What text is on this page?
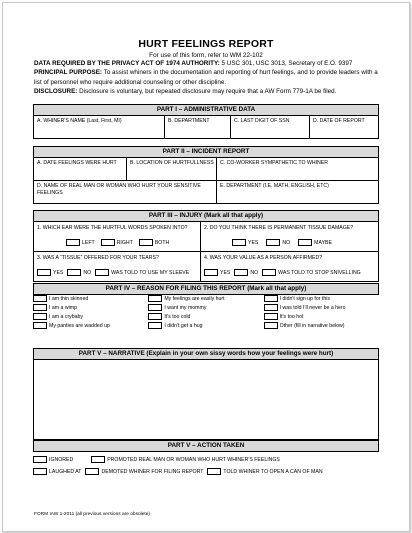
HURT FEELINGS REPORT
For use of this form, refer to WM 22-102
DATA REQUIRED BY THE PRIVACY ACT OF 1974 AUTHORITY: 5 USC 301, USC 3013, Secretary of E.O. 9397
PRINCIPAL PURPOSE: To assist whiners in the documentation and reporting of hurt feelings, and to provide leaders with a list of personnel who require additional counseling or other discipline.
DISCLOSURE: Disclosure is voluntary, but repeated disclosure may require that a AW Form 779-1A be filed.
PART I – ADMINISTRATIVE DATA
A. WHINER'S NAME (Last, First, MI)	B. DEPARTMENT	C. LAST DIGIT OF SSN	D. DATE OF REPORT
PART II – INCIDENT REPORT
A. DATE FEELINGS WERE HURT	B. LOCATION OF HURTFULLNESS	C. CO-WORKER SYMPATHETIC TO WHINER
D. NAME OF REAL MAN OR WOMAN WHO HURT YOUR SENSITIVE FEELINGS
E. DEPARTMENT (I.E. MATH, ENGLISH, ETC)
PART III – INJURY (Mark all that apply)
1. WHICH EAR WERE THE HURTFUL WORDS SPOKEN INTO?
LEFT	RIGHT	BOTH
2. DO YOU THINK THERE IS PERMANENT TISSUE DAMAGE?
YES	NO	MAYBE
3. WAS A “TISSUE” OFFERED FOR YOUR TEARS?
YES	NO	WAS TOLD TO USE MY SLEEVE
4. WAS YOUR VALUE AS A PERSON AFFIRMED?
YES	NO	WAS TOLD TO STOP SNIVELLING
PART IV – REASON FOR FILING THIS REPORT (Mark all that apply)
I am thin skinned	My feelings are easily hurt	I didn't sign up for this
I am a wimp	I want my mommy	I was told I'll never be a hero
I am a crybaby	It's too cold	It's too hot
My panties are wadded up	I didn't get a hug	Other (fill in narrative below)
PART V – NARRATIVE (Explain in your own sissy words how your feelings were hurt)
PART V – ACTION TAKEN
IGNORED	PROMOTED REAL MAN OR WOMAN WHO HURT WHINER'S FEELINGS
LAUGHED AT	DEMOTED WHINER FOR FILING REPORT	TOLD WHINER TO OPEN A CAN OF MAN
FORM IAW 1-2011 (all previous versions are obsolete)
